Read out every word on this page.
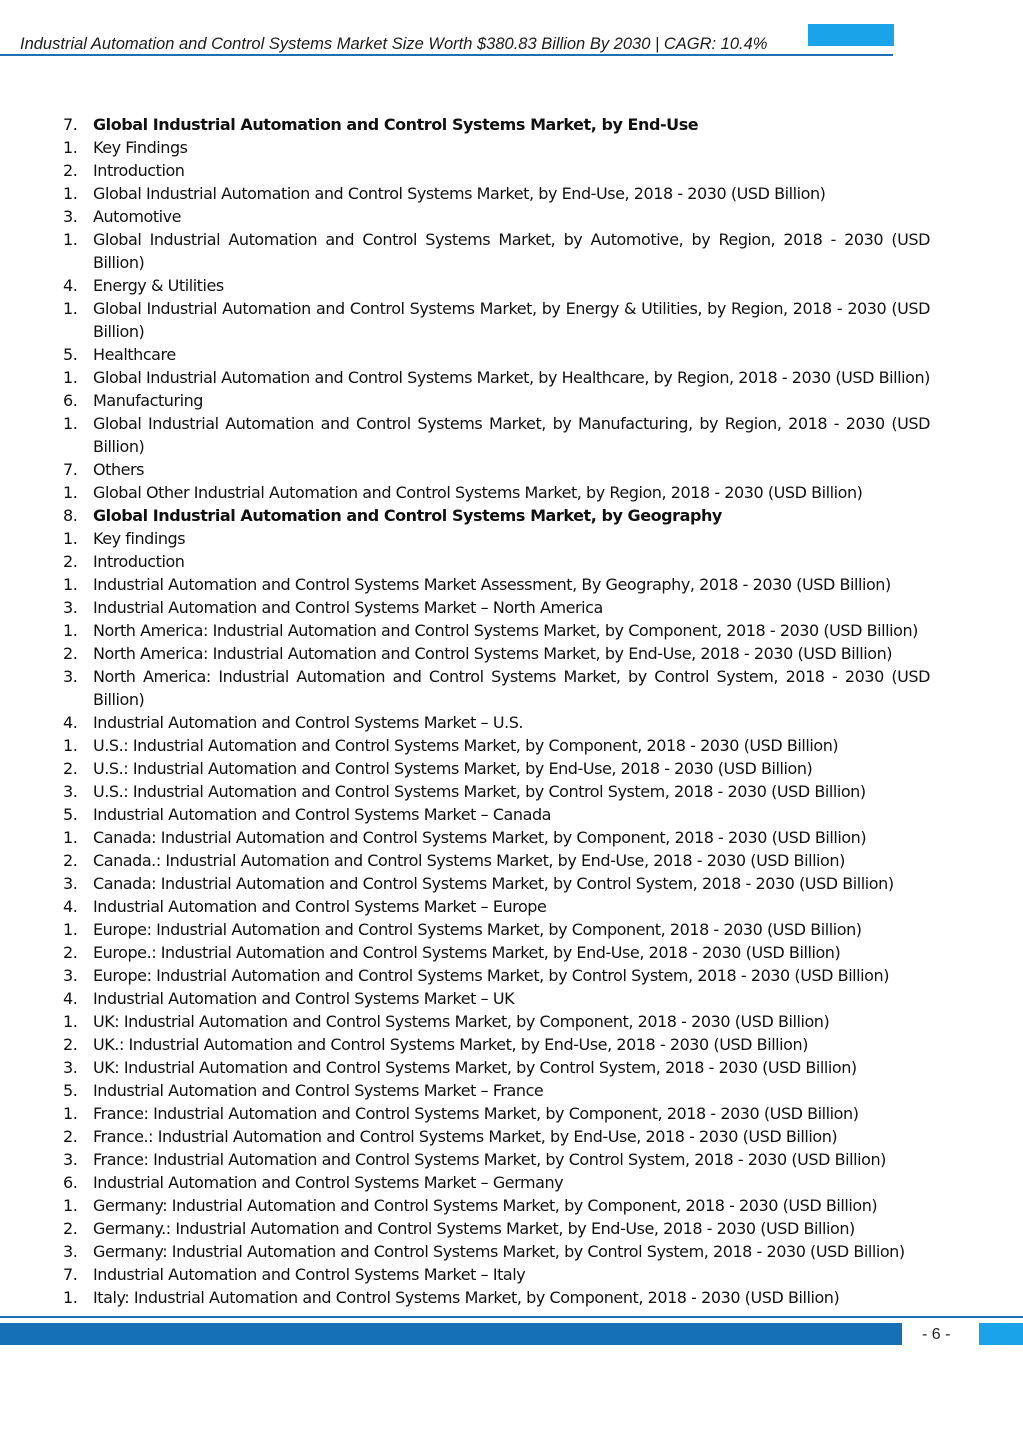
Industrial Automation and Control Systems Market Size Worth $380.83 Billion By 2030 | CAGR: 10.4%
7. Global Industrial Automation and Control Systems Market, by End-Use
1. Key Findings
2. Introduction
1. Global Industrial Automation and Control Systems Market, by End-Use, 2018 - 2030 (USD Billion)
3. Automotive
1. Global Industrial Automation and Control Systems Market, by Automotive, by Region, 2018 - 2030 (USD Billion)
4. Energy & Utilities
1. Global Industrial Automation and Control Systems Market, by Energy & Utilities, by Region, 2018 - 2030 (USD Billion)
5. Healthcare
1. Global Industrial Automation and Control Systems Market, by Healthcare, by Region, 2018 - 2030 (USD Billion)
6. Manufacturing
1. Global Industrial Automation and Control Systems Market, by Manufacturing, by Region, 2018 - 2030 (USD Billion)
7. Others
1. Global Other Industrial Automation and Control Systems Market, by Region, 2018 - 2030 (USD Billion)
8. Global Industrial Automation and Control Systems Market, by Geography
1. Key findings
2. Introduction
1. Industrial Automation and Control Systems Market Assessment, By Geography, 2018 - 2030 (USD Billion)
3. Industrial Automation and Control Systems Market – North America
1. North America: Industrial Automation and Control Systems Market, by Component, 2018 - 2030 (USD Billion)
2. North America: Industrial Automation and Control Systems Market, by End-Use, 2018 - 2030 (USD Billion)
3. North America: Industrial Automation and Control Systems Market, by Control System, 2018 - 2030 (USD Billion)
4. Industrial Automation and Control Systems Market – U.S.
1. U.S.: Industrial Automation and Control Systems Market, by Component, 2018 - 2030 (USD Billion)
2. U.S.: Industrial Automation and Control Systems Market, by End-Use, 2018 - 2030 (USD Billion)
3. U.S.: Industrial Automation and Control Systems Market, by Control System, 2018 - 2030 (USD Billion)
5. Industrial Automation and Control Systems Market – Canada
1. Canada: Industrial Automation and Control Systems Market, by Component, 2018 - 2030 (USD Billion)
2. Canada.: Industrial Automation and Control Systems Market, by End-Use, 2018 - 2030 (USD Billion)
3. Canada: Industrial Automation and Control Systems Market, by Control System, 2018 - 2030 (USD Billion)
4. Industrial Automation and Control Systems Market – Europe
1. Europe: Industrial Automation and Control Systems Market, by Component, 2018 - 2030 (USD Billion)
2. Europe.: Industrial Automation and Control Systems Market, by End-Use, 2018 - 2030 (USD Billion)
3. Europe: Industrial Automation and Control Systems Market, by Control System, 2018 - 2030 (USD Billion)
4. Industrial Automation and Control Systems Market – UK
1. UK: Industrial Automation and Control Systems Market, by Component, 2018 - 2030 (USD Billion)
2. UK.: Industrial Automation and Control Systems Market, by End-Use, 2018 - 2030 (USD Billion)
3. UK: Industrial Automation and Control Systems Market, by Control System, 2018 - 2030 (USD Billion)
5. Industrial Automation and Control Systems Market – France
1. France: Industrial Automation and Control Systems Market, by Component, 2018 - 2030 (USD Billion)
2. France.: Industrial Automation and Control Systems Market, by End-Use, 2018 - 2030 (USD Billion)
3. France: Industrial Automation and Control Systems Market, by Control System, 2018 - 2030 (USD Billion)
6. Industrial Automation and Control Systems Market – Germany
1. Germany: Industrial Automation and Control Systems Market, by Component, 2018 - 2030 (USD Billion)
2. Germany.: Industrial Automation and Control Systems Market, by End-Use, 2018 - 2030 (USD Billion)
3. Germany: Industrial Automation and Control Systems Market, by Control System, 2018 - 2030 (USD Billion)
7. Industrial Automation and Control Systems Market – Italy
1. Italy: Industrial Automation and Control Systems Market, by Component, 2018 - 2030 (USD Billion)
- 6 -
